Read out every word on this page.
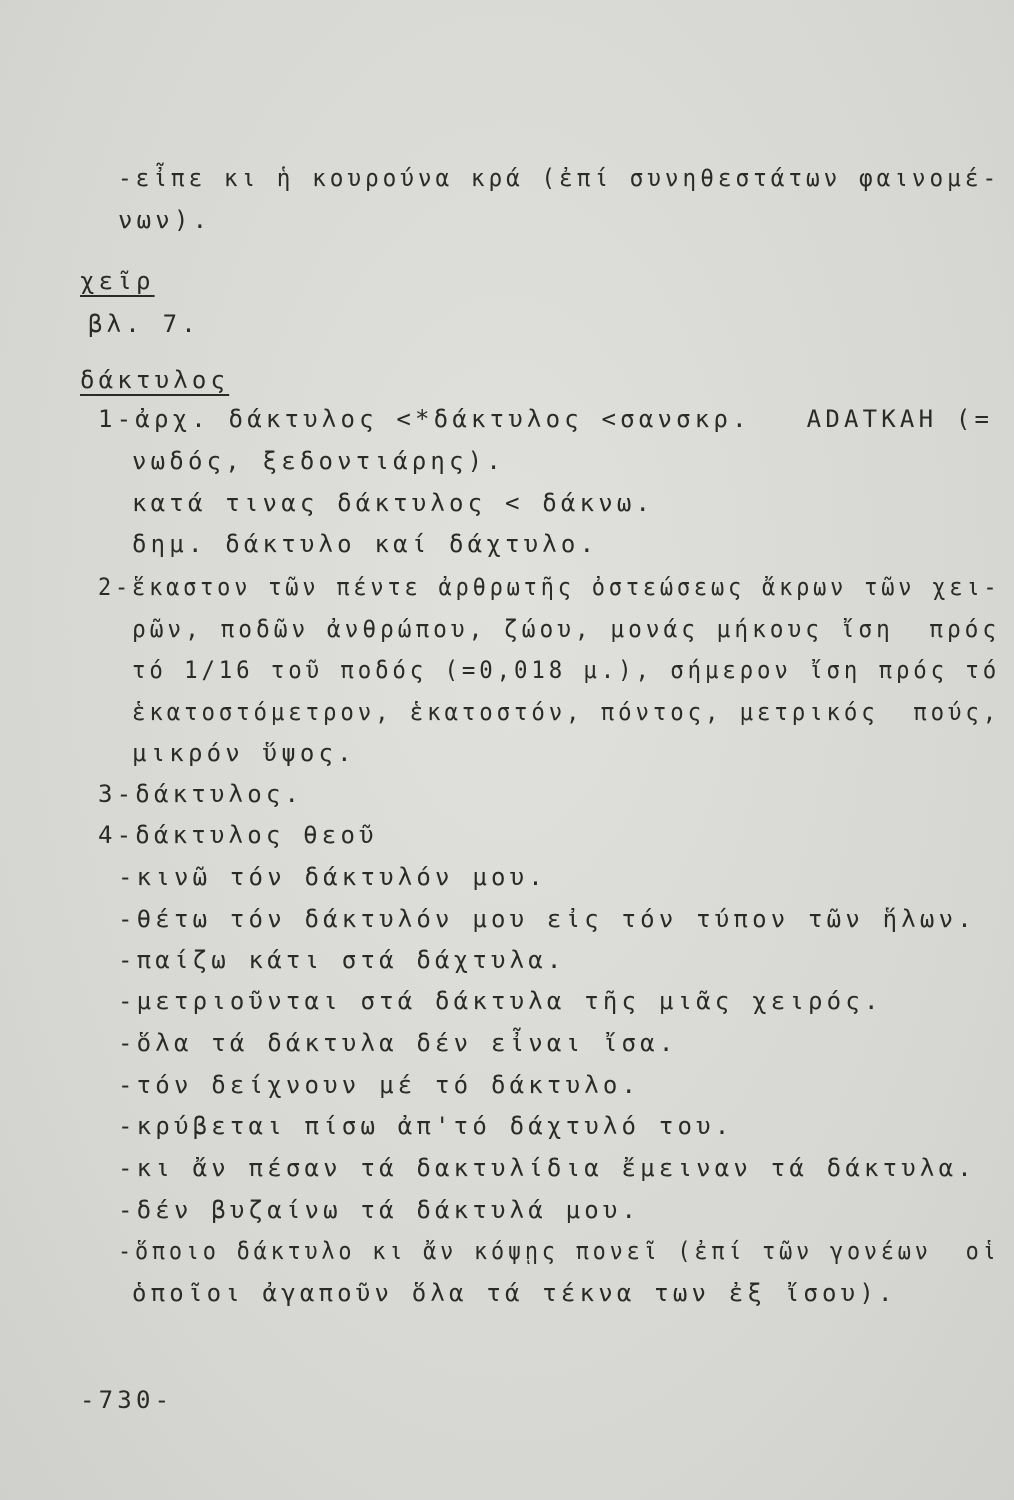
-εἶπε κι ἡ κουρούνα κρά (ἐπί συνηθεστάτων φαινομέ-
νων).
χεῖρ
βλ. 7.
δάκτυλος
1-ἀρχ. δάκτυλος <*δάκτυλος <σανσκρ.   ADATKAH (=
νωδός, ξεδοντιάρης).
κατά τινας δάκτυλος < δάκνω.
δημ. δάκτυλο καί δάχτυλο.
2-ἕκαστον τῶν πέντε ἀρθρωτῆς ὀστεώσεως ἄκρων τῶν χει-
ρῶν, ποδῶν ἀνθρώπου, ζώου, μονάς μήκους ἴση  πρός
τό 1/16 τοῦ ποδός (=0,018 μ.), σήμερον ἴση πρός τό
ἑκατοστόμετρον, ἑκατοστόν, πόντος, μετρικός  πούς,
μικρόν ὕψος.
3-δάκτυλος.
4-δάκτυλος θεοῦ
-κινῶ τόν δάκτυλόν μου.
-θέτω τόν δάκτυλόν μου εἰς τόν τύπον τῶν ἥλων.
-παίζω κάτι στά δάχτυλα.
-μετριοῦνται στά δάκτυλα τῆς μιᾶς χειρός.
-ὅλα τά δάκτυλα δέν εἶναι ἴσα.
-τόν δείχνουν μέ τό δάκτυλο.
-κρύβεται πίσω ἀπ'τό δάχτυλό του.
-κι ἄν πέσαν τά δακτυλίδια ἔμειναν τά δάκτυλα.
-δέν βυζαίνω τά δάκτυλά μου.
-ὅποιο δάκτυλο κι ἄν κόψῃς πονεῖ (ἐπί τῶν γονέων  οἱ
ὁποῖοι ἀγαποῦν ὅλα τά τέκνα των ἐξ ἴσου).
-730-
